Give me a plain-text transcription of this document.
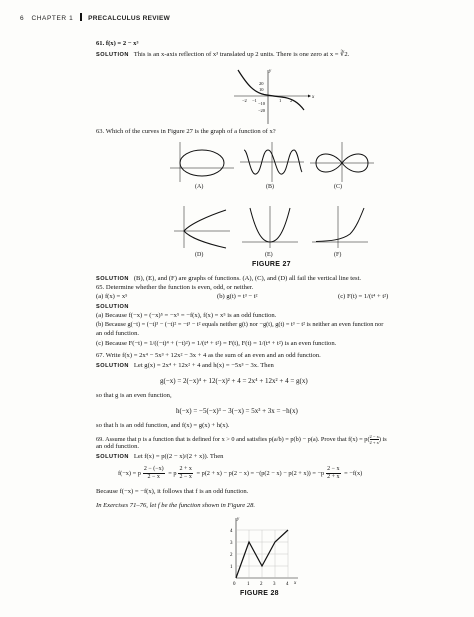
6 CHAPTER 1 PRECALCULUS REVIEW
61. f(x) = 2 − x³
SOLUTION This is an x-axis reflection of x³ translated up 2 units. There is one zero at x = ∛2.
x
y
20
10
−2 −1
−10
−20
1 2
63. Which of the curves in Figure 27 is the graph of a function of x?
(A)	(B)	(C)
(D)	(E)	(F)
FIGURE 27
SOLUTION (B), (E), and (F) are graphs of functions. (A), (C), and (D) all fail the vertical line test.
65. Determine whether the function is even, odd, or neither.
(a) f(x) = x⁵	(b) g(t) = t³ − t²	(c) F(t) = 1/(t⁴ + t²)
SOLUTION
(a) Because f(−x) = (−x)⁵ = −x⁵ = −f(x), f(x) = x⁵ is an odd function.
(b) Because g(−t) = (−t)³ − (−t)² = −t³ − t² equals neither g(t) nor −g(t), g(t) = t³ − t² is neither an even function nor
an odd function.
(c) Because F(−t) = 1/((−t)⁴ + (−t)²) = 1/(t⁴ + t²) = F(t), F(t) = 1/(t⁴ + t²) is an even function.
67. Write f(x) = 2x⁴ − 5x³ + 12x² − 3x + 4 as the sum of an even and an odd function.
SOLUTION Let g(x) = 2x⁴ + 12x² + 4 and h(x) = −5x³ − 3x. Then
g(−x) = 2(−x)⁴ + 12(−x)² + 4 = 2x⁴ + 12x² + 4 = g(x)
so that g is an even function,
h(−x) = −5(−x)³ − 3(−x) = 5x³ + 3x = −h(x)
so that h is an odd function, and f(x) = g(x) + h(x).
69. Assume that p is a function that is defined for x > 0 and satisfies p(a/b) = p(b) − p(a). Prove that $f(x) = p( \frac{2 - x}{2 + x}$ ) is
an odd function.
SOLUTION Let f(x) = p((2 − x)/(2 + x)). Then
f(−x) = p $\frac{2 - (-x)}{2 - x} = p \frac{2 + x}{2 - x} = p(2 + x) - p(2 - x) = -(p(2 - x) - p(2 + x)) = -p \frac{2 - x}{2 + x} = -f(x)$
Because f(−x) = −f(x), it follows that f is an odd function.
In Exercises 71–76, let f be the function shown in Figure 28.
y
x
4
3
2
1
0 1 2 3 4
FIGURE 28
